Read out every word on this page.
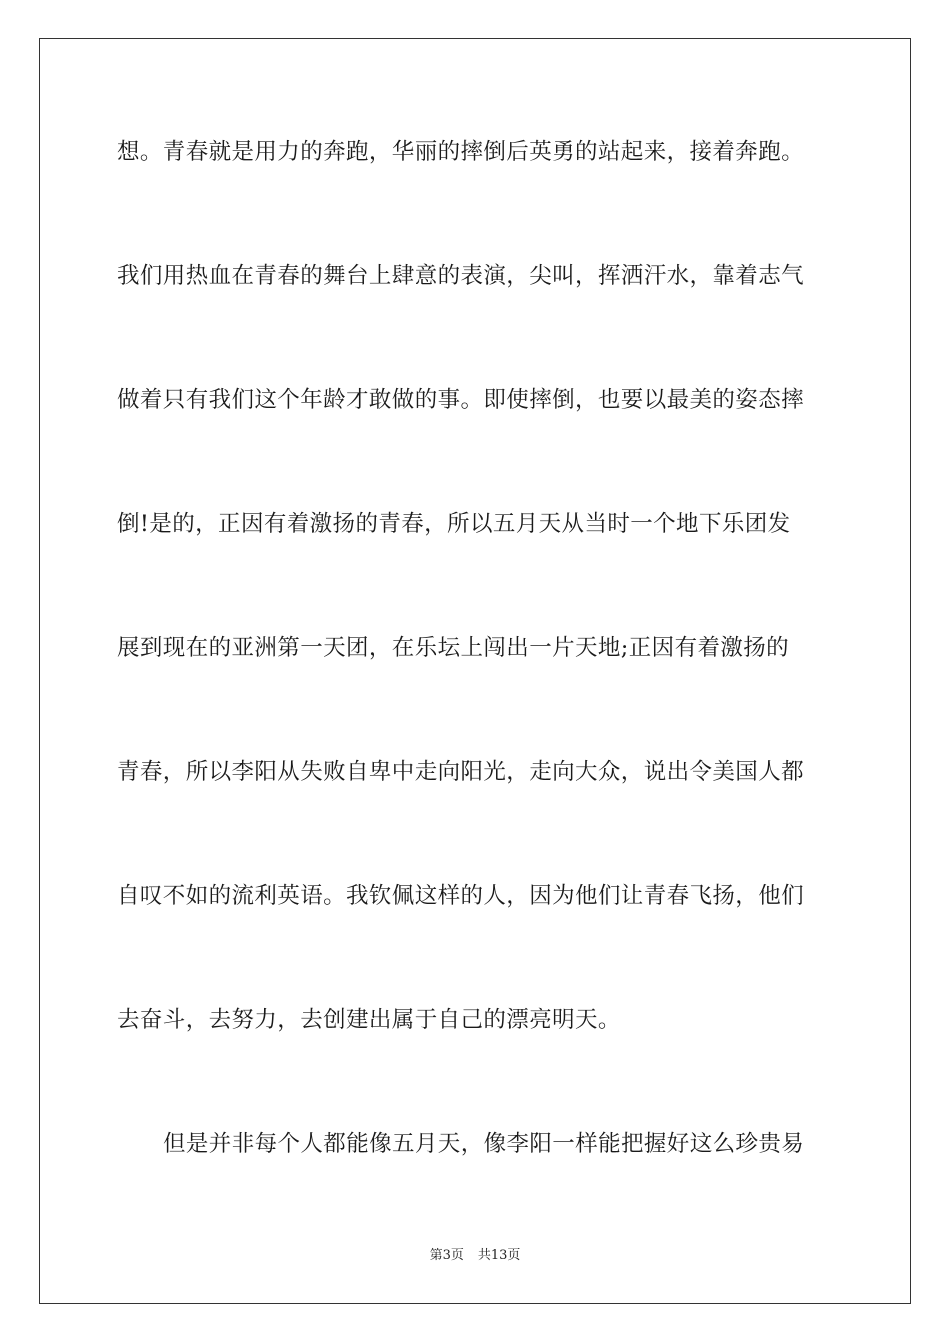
想。青春就是用力的奔跑，华丽的摔倒后英勇的站起来，接着奔跑。
我们用热血在青春的舞台上肆意的表演，尖叫，挥洒汗水，靠着志气
做着只有我们这个年龄才敢做的事。即使摔倒，也要以最美的姿态摔
倒!是的，正因有着激扬的青春，所以五月天从当时一个地下乐团发
展到现在的亚洲第一天团，在乐坛上闯出一片天地;正因有着激扬的
青春，所以李阳从失败自卑中走向阳光，走向大众，说出令美国人都
自叹不如的流利英语。我钦佩这样的人，因为他们让青春飞扬，他们
去奋斗，去努力，去创建出属于自己的漂亮明天。
但是并非每个人都能像五月天，像李阳一样能把握好这么珍贵易
第3页 共13页
